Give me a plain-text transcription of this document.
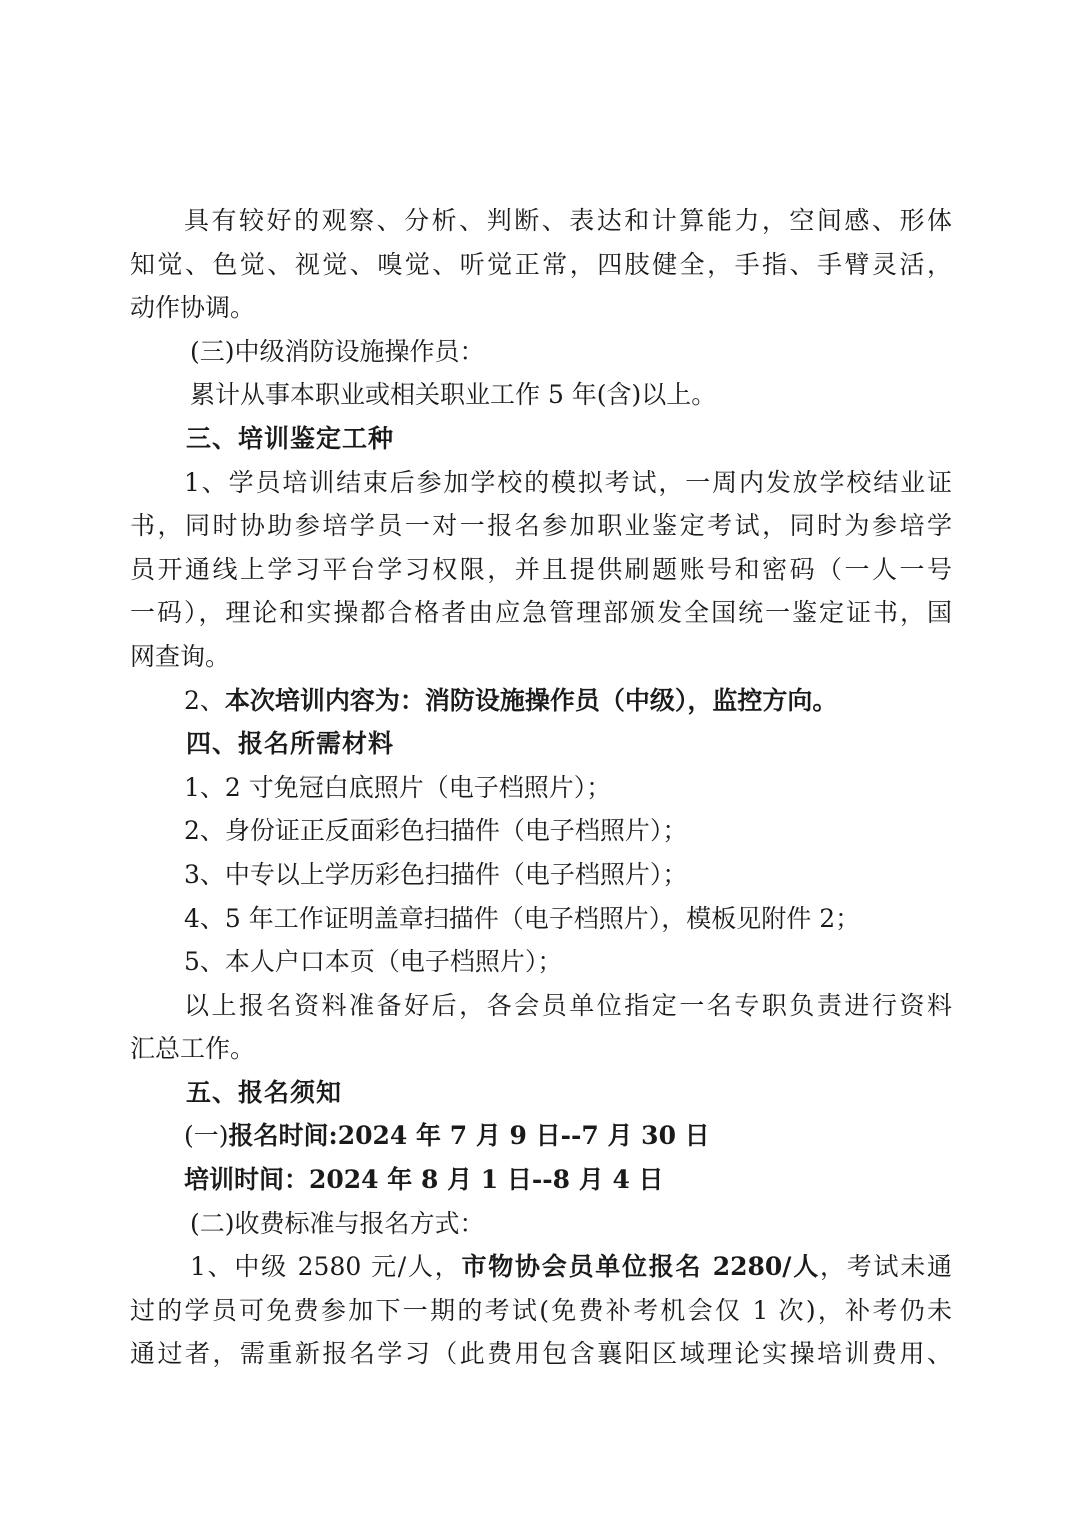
具有较好的观察、分析、判断、表达和计算能力，空间感、形体
知觉、色觉、视觉、嗅觉、听觉正常，四肢健全，手指、手臂灵活，
动作协调。
(三)中级消防设施操作员：
累计从事本职业或相关职业工作 5 年(含)以上。
三、培训鉴定工种
1、学员培训结束后参加学校的模拟考试，一周内发放学校结业证
书，同时协助参培学员一对一报名参加职业鉴定考试，同时为参培学
员开通线上学习平台学习权限，并且提供刷题账号和密码（一人一号
一码），理论和实操都合格者由应急管理部颁发全国统一鉴定证书，国
网查询。
2、本次培训内容为：消防设施操作员（中级），监控方向。
四、报名所需材料
1、2 寸免冠白底照片（电子档照片）；
2、身份证正反面彩色扫描件（电子档照片）；
3、中专以上学历彩色扫描件（电子档照片）；
4、5 年工作证明盖章扫描件（电子档照片），模板见附件 2；
5、本人户口本页（电子档照片）；
以上报名资料准备好后，各会员单位指定一名专职负责进行资料
汇总工作。
五、报名须知
(一)报名时间:2024 年 7 月 9 日--7 月 30 日
培训时间：2024 年 8 月 1 日--8 月 4 日
(二)收费标准与报名方式：
1、中级 2580 元/人，市物协会员单位报名 2280/人，考试未通
过的学员可免费参加下一期的考试(免费补考机会仅 1 次)，补考仍未
通过者，需重新报名学习（此费用包含襄阳区域理论实操培训费用、
